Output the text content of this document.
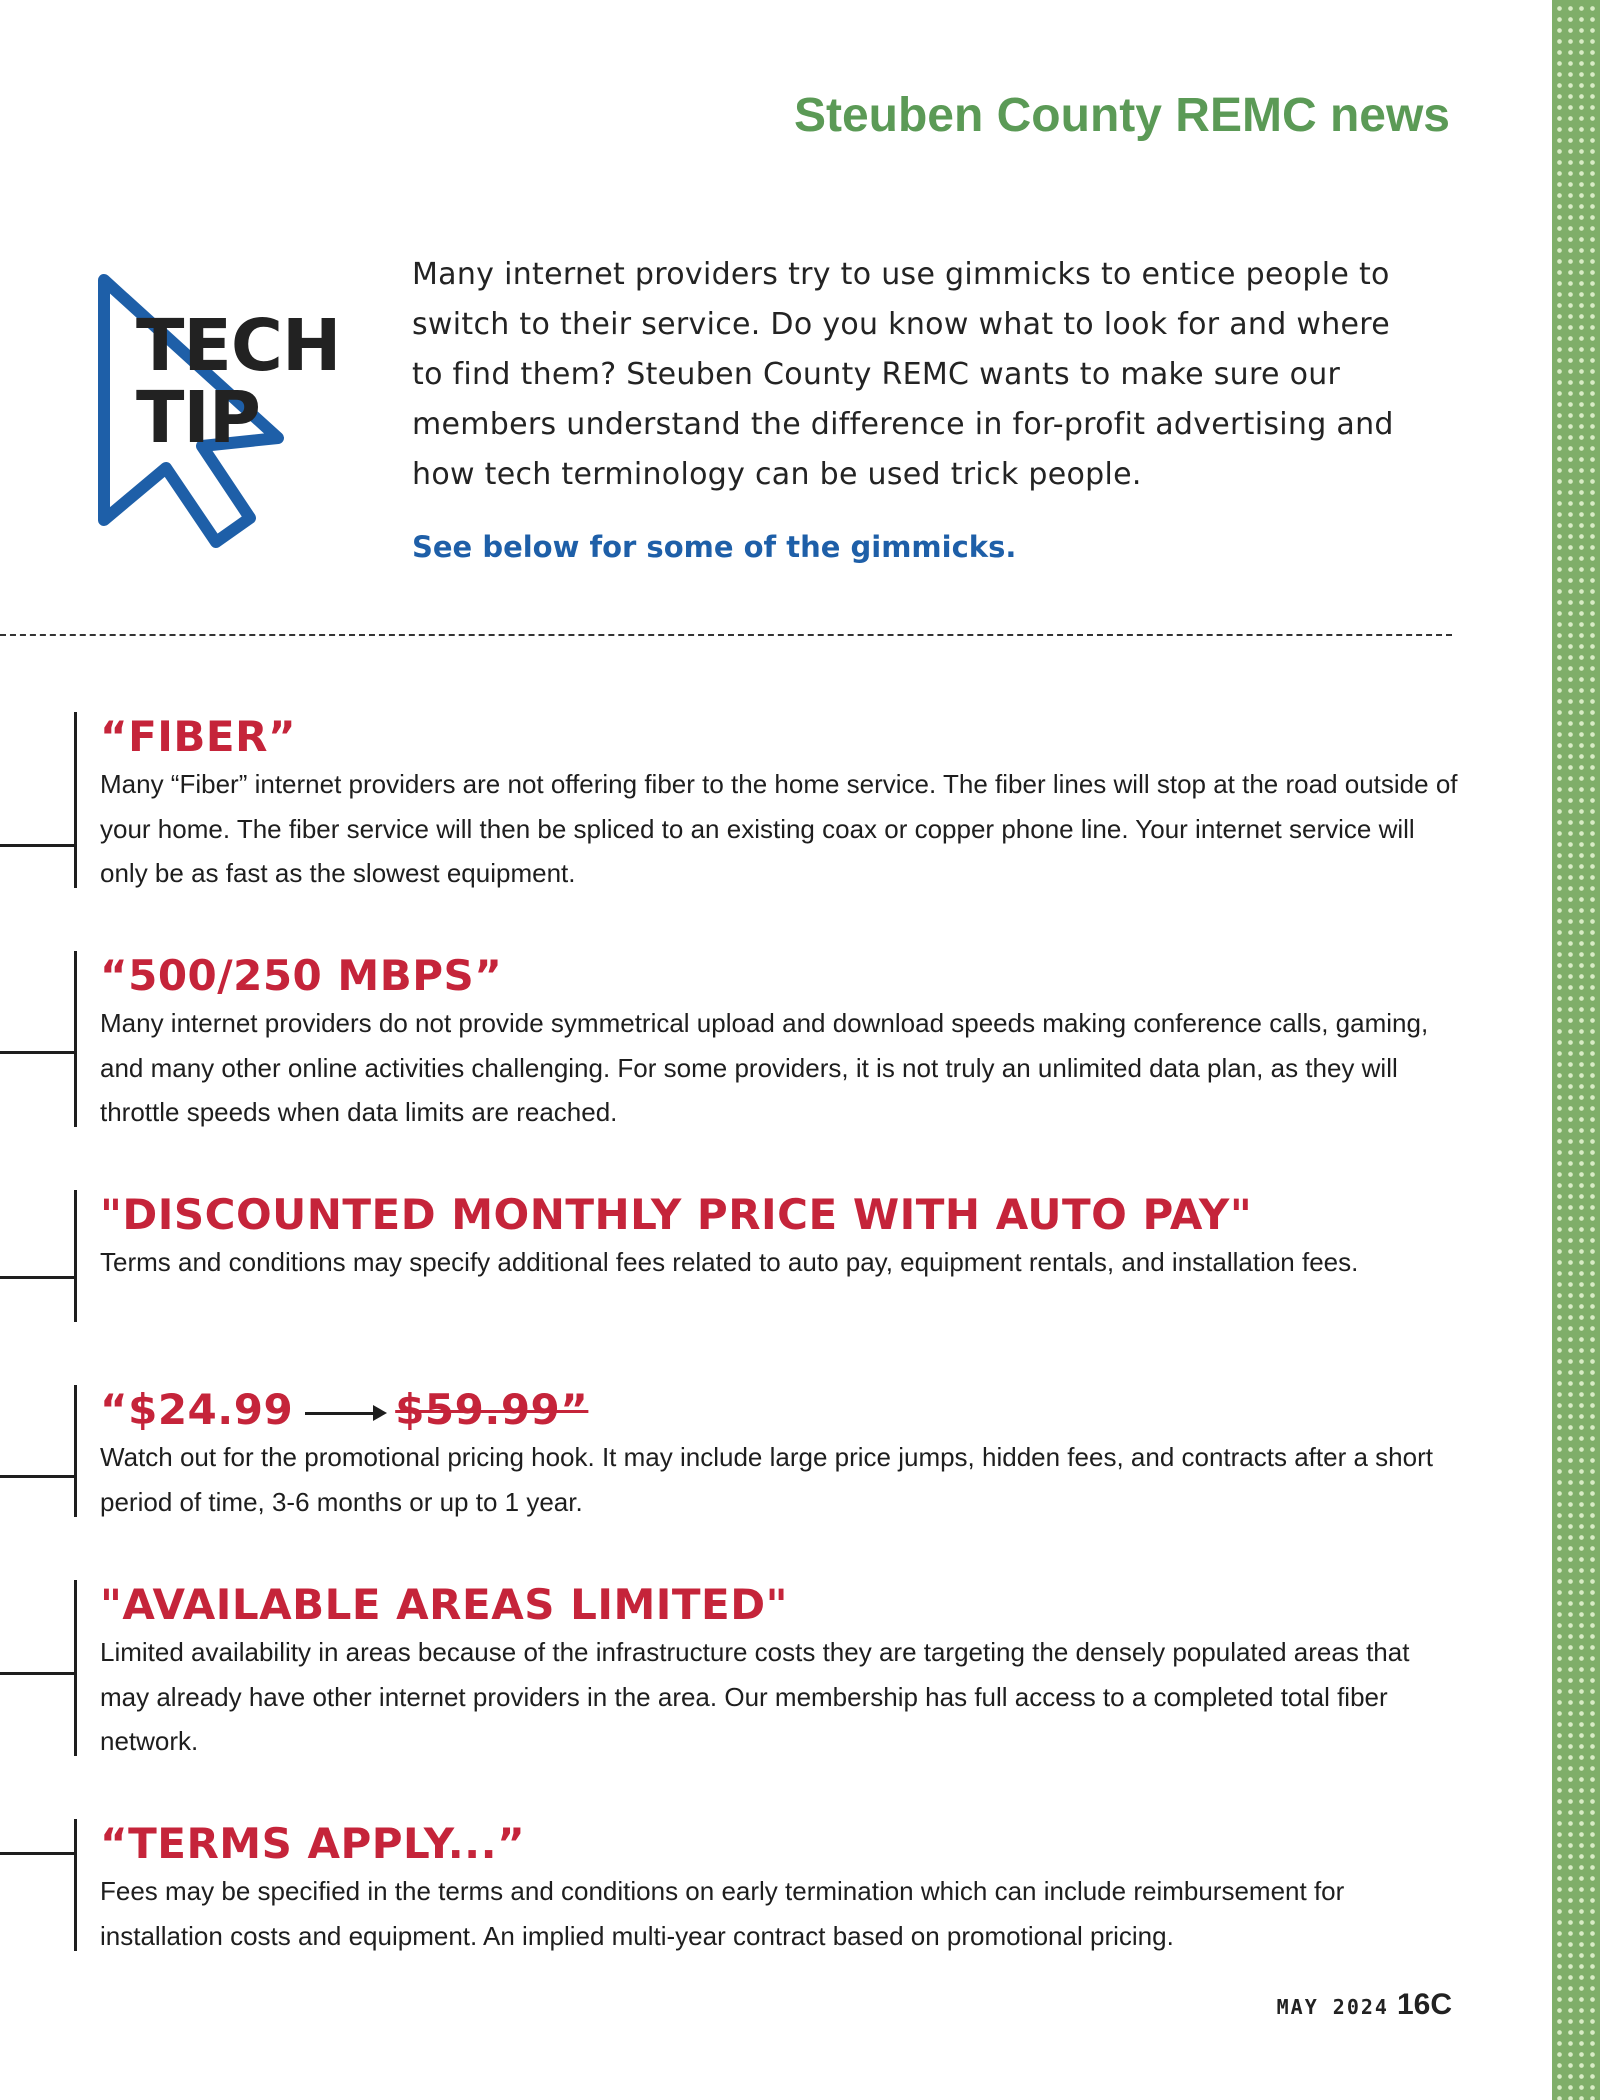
Steuben County REMC news
TECH
TIP
Many internet providers try to use gimmicks to entice people to switch to their service. Do you know what to look for and where to find them? Steuben County REMC wants to make sure our members understand the difference in for-profit advertising and how tech terminology can be used trick people.
See below for some of the gimmicks.
“FIBER”
Many “Fiber” internet providers are not offering fiber to the home service. The fiber lines will stop at the road outside of your home. The fiber service will then be spliced to an existing coax or copper phone line. Your internet service will only be as fast as the slowest equipment.
“500/250 MBPS”
Many internet providers do not provide symmetrical upload and download speeds making conference calls, gaming, and many other online activities challenging. For some providers, it is not truly an unlimited data plan, as they will throttle speeds when data limits are reached.
"DISCOUNTED MONTHLY PRICE WITH AUTO PAY"
Terms and conditions may specify additional fees related to auto pay, equipment rentals, and installation fees.
“$24.99 $59.99”
Watch out for the promotional pricing hook. It may include large price jumps, hidden fees, and contracts after a short period of time, 3-6 months or up to 1 year.
"AVAILABLE AREAS LIMITED"
Limited availability in areas because of the infrastructure costs they are targeting the densely populated areas that may already have other internet providers in the area. Our membership has full access to a completed total fiber network.
“TERMS APPLY...”
Fees may be specified in the terms and conditions on early termination which can include reimbursement for installation costs and equipment. An implied multi-year contract based on promotional pricing.
MAY 2024 16C
